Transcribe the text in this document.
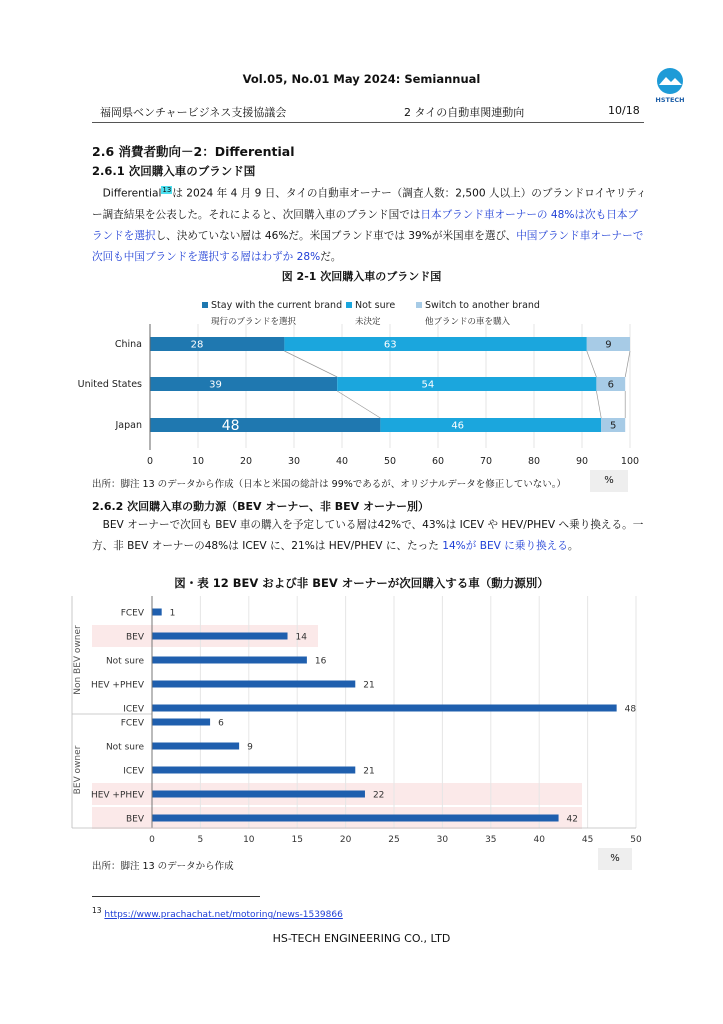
Vol.05, No.01 May 2024: Semiannual
HSTECH
福岡県ベンチャービジネス支援協議会	2 タイの自動車関連動向	10/18
2.6 消費者動向－2：Differential
2.6.1 次回購入車のブランド国
Differential$^{13}$は 2024 年 4 月 9 日、タイの自動車オーナー（調査人数：2,500 人以上）のブランドロイヤリティー調査結果を公表した。それによると、次回購入車のブランド国では日本ブランド車オーナーの 48%は次も日本ブランドを選択し、決めていない層は 46%だ。米国ブランド車では 39%が米国車を選び、中国ブランド車オーナーで次回も中国ブランドを選択する層はわずか 28%だ。
図 2-1 次回購入車のブランド国
Stay with the current brand
現行のブランドを選択
Not sure
未決定
Switch to another brand
他ブランドの車を購入
China	28	63	9
United States	39	54	6
Japan	48	46	5
0	10	20	30	40	50	60	70	80	90	100
出所：脚注 13 のデータから作成（日本と米国の総計は 99%であるが、オリジナルデータを修正していない。）	%
2.6.2 次回購入車の動力源（BEV オーナー、非 BEV オーナー別）
BEV オーナーで次回も BEV 車の購入を予定している層は42%で、43%は ICEV や HEV/PHEV へ乗り換える。一方、非 BEV オーナーの48%は ICEV に、21%は HEV/PHEV に、たった 14%が BEV に乗り換える。
図・表 12 BEV および非 BEV オーナーが次回購入する車（動力源別）
FCEV	1
BEV	14
Not sure	16
HEV +PHEV	21
ICEV	48
Non BEV owner
FCEV	6
Not sure	9
ICEV	21
HEV +PHEV	22
BEV	42
BEV owner
0	5	10	15	20	25	30	35	40	45	50
出所：脚注 13 のデータから作成
%
$^{13}$ https://www.prachachat.net/motoring/news-1539866
HS-TECH ENGINEERING CO., LTD
